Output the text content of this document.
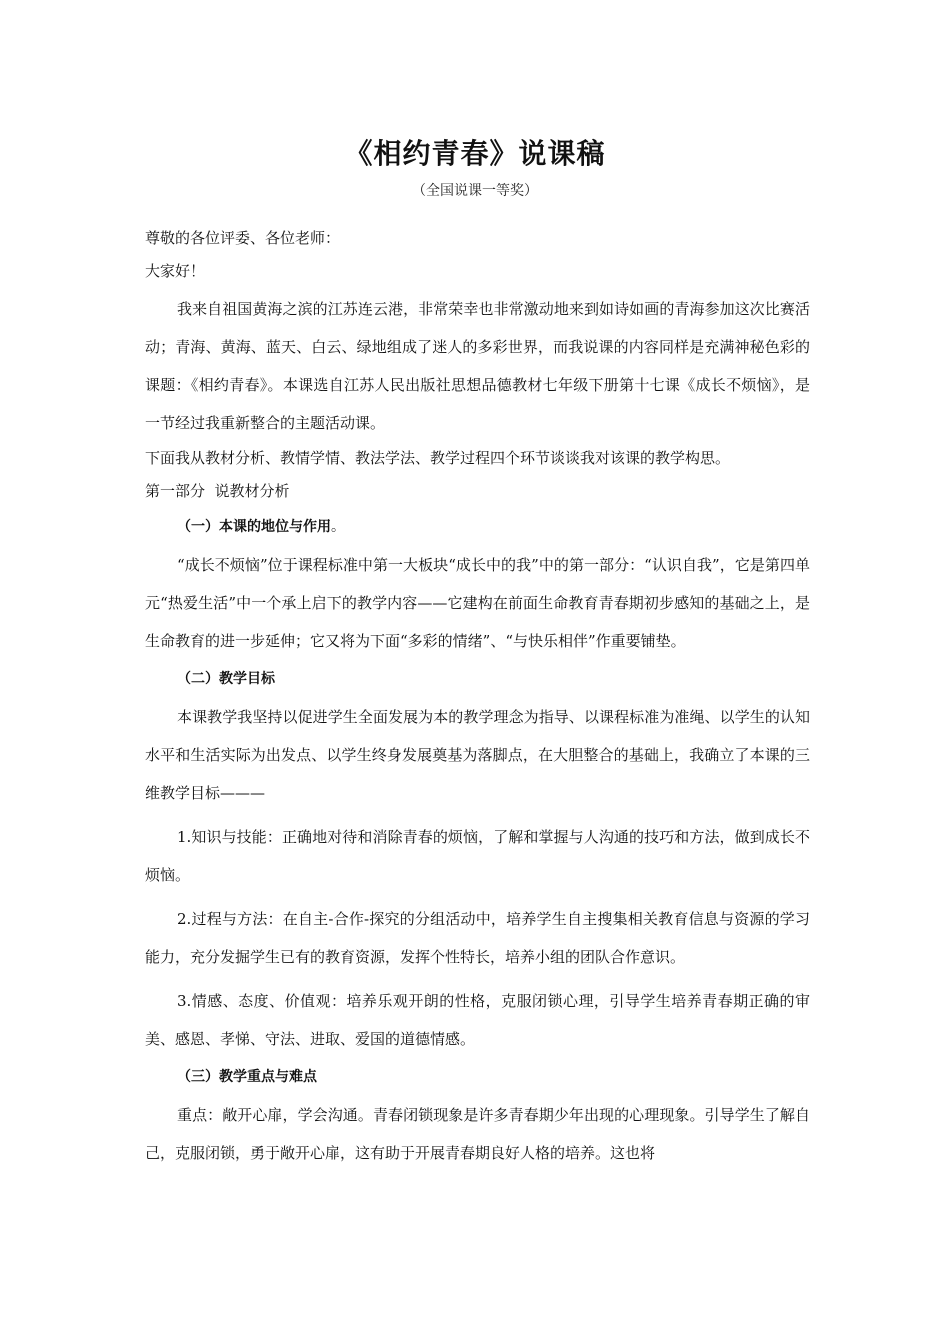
《相约青春》说课稿
（全国说课一等奖）

尊敬的各位评委、各位老师：

大家好！

我来自祖国黄海之滨的江苏连云港，非常荣幸也非常激动地来到如诗如画的青海参加这次比赛活动；青海、黄海、蓝天、白云、绿地组成了迷人的多彩世界，而我说课的内容同样是充满神秘色彩的课题：《相约青春》。本课选自江苏人民出版社思想品德教材七年级下册第十七课《成长不烦恼》，是一节经过我重新整合的主题活动课。

下面我从教材分析、教情学情、教法学法、教学过程四个环节谈谈我对该课的教学构思。

第一部分  说教材分析

（一）本课的地位与作用。

“成长不烦恼”位于课程标准中第一大板块“成长中的我”中的第一部分：“认识自我”，它是第四单元“热爱生活”中一个承上启下的教学内容——它建构在前面生命教育青春期初步感知的基础之上，是生命教育的进一步延伸；它又将为下面“多彩的情绪”、“与快乐相伴”作重要铺垫。

（二）教学目标

本课教学我坚持以促进学生全面发展为本的教学理念为指导、以课程标准为准绳、以学生的认知水平和生活实际为出发点、以学生终身发展奠基为落脚点，在大胆整合的基础上，我确立了本课的三维教学目标———

1.知识与技能：正确地对待和消除青春的烦恼，了解和掌握与人沟通的技巧和方法，做到成长不烦恼。

2.过程与方法：在自主-合作-探究的分组活动中，培养学生自主搜集相关教育信息与资源的学习能力，充分发掘学生已有的教育资源，发挥个性特长，培养小组的团队合作意识。

3.情感、态度、价值观：培养乐观开朗的性格，克服闭锁心理，引导学生培养青春期正确的审美、感恩、孝悌、守法、进取、爱国的道德情感。

（三）教学重点与难点

重点：敞开心扉，学会沟通。青春闭锁现象是许多青春期少年出现的心理现象。引导学生了解自己，克服闭锁，勇于敞开心扉，这有助于开展青春期良好人格的培养。这也将
